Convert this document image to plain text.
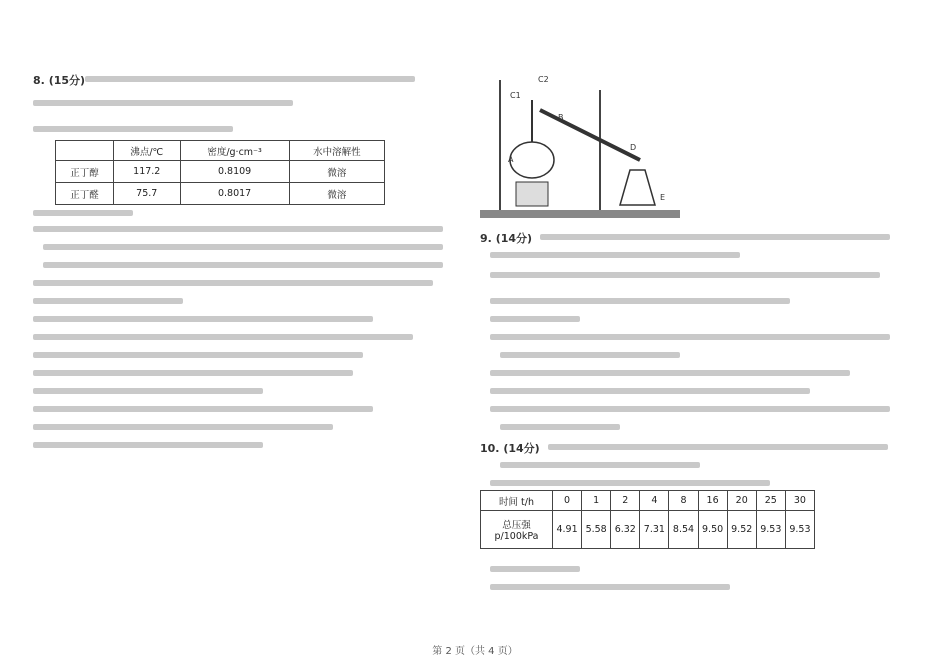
8. (15分)
	沸点/℃	密度/g·cm⁻³	水中溶解性
正丁醇	117.2	0.8109	微溶
正丁醛	75.7	0.8017	微溶
C1
C2
A
B
D
E
9. (14分)
10. (14分)
时间 t/h	0	1	2	4	8	16	20	25	30
总压强 p/100kPa	4.91	5.58	6.32	7.31	8.54	9.50	9.52	9.53	9.53
第 2 页（共 4 页）
